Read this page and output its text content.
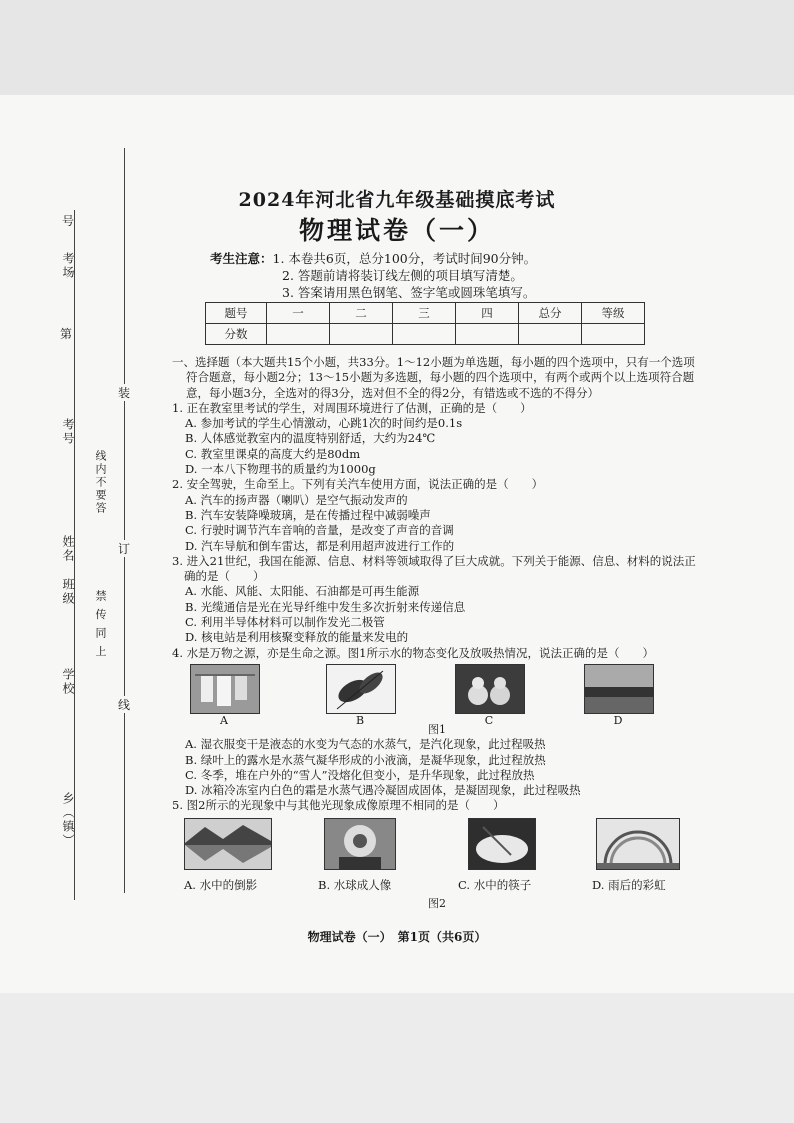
号
考场
第
考号
姓名
班级
学校
乡（镇）
线内不要答
禁 传 同 上
装
订
线
2024年河北省九年级基础摸底考试
物理试卷（一）
考生注意：1. 本卷共6页，总分100分，考试时间90分钟。
2. 答题前请将装订线左侧的项目填写清楚。
3. 答案请用黑色钢笔、签字笔或圆珠笔填写。
题号	一	二	三	四	总分	等级
分数						

一、选择题（本大题共15个小题，共33分。1～12小题为单选题，每小题的四个选项中，只有一个选项符合题意，每小题2分；13～15小题为多选题，每小题的四个选项中，有两个或两个以上选项符合题意，每小题3分，全选对的得3分，选对但不全的得2分，有错选或不选的不得分）

1. 正在教室里考试的学生，对周围环境进行了估测，正确的是（　　）

A. 参加考试的学生心情激动，心跳1次的时间约是0.1s

B. 人体感觉教室内的温度特别舒适，大约为24℃

C. 教室里课桌的高度大约是80dm

D. 一本八下物理书的质量约为1000g

2. 安全驾驶，生命至上。下列有关汽车使用方面，说法正确的是（　　）

A. 汽车的扬声器（喇叭）是空气振动发声的

B. 汽车安装降噪玻璃，是在传播过程中减弱噪声

C. 行驶时调节汽车音响的音量，是改变了声音的音调

D. 汽车导航和倒车雷达，都是利用超声波进行工作的

3. 进入21世纪，我国在能源、信息、材料等领域取得了巨大成就。下列关于能源、信息、材料的说法正确的是（　　）

A. 水能、风能、太阳能、石油都是可再生能源

B. 光缆通信是光在光导纤维中发生多次折射来传递信息

C. 利用半导体材料可以制作发光二极管

D. 核电站是利用核聚变释放的能量来发电的

4. 水是万物之源，亦是生命之源。图1所示水的物态变化及放吸热情况，说法正确的是（　　）

A	B	C	D

图1

A. 湿衣服变干是液态的水变为气态的水蒸气，是汽化现象，此过程吸热

B. 绿叶上的露水是水蒸气凝华形成的小液滴，是凝华现象，此过程放热

C. 冬季，堆在户外的“雪人”没熔化但变小，是升华现象，此过程放热

D. 冰箱冷冻室内白色的霜是水蒸气遇冷凝固成固体，是凝固现象，此过程吸热

5. 图2所示的光现象中与其他光现象成像原理不相同的是（　　）

A. 水中的倒影	B. 水球成人像	C. 水中的筷子	D. 雨后的彩虹

图2

物理试卷（一）　第1页（共6页）
